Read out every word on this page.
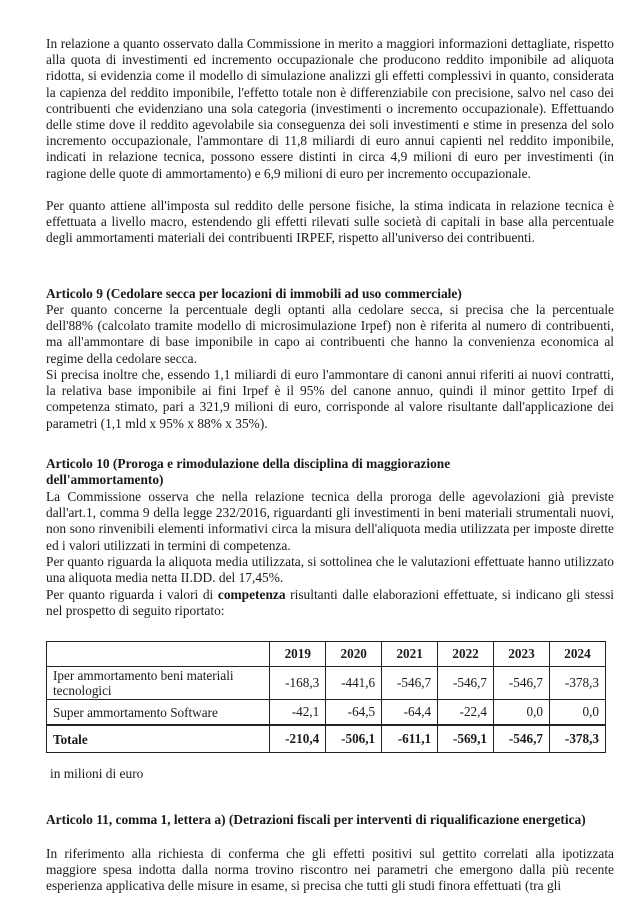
In relazione a quanto osservato dalla Commissione in merito a maggiori informazioni dettagliate, rispetto alla quota di investimenti ed incremento occupazionale che producono reddito imponibile ad aliquota ridotta, si evidenzia come il modello di simulazione analizzi gli effetti complessivi in quanto, considerata la capienza del reddito imponibile, l'effetto totale non è differenziabile con precisione, salvo nel caso dei contribuenti che evidenziano una sola categoria (investimenti o incremento occupazionale). Effettuando delle stime dove il reddito agevolabile sia conseguenza dei soli investimenti e stime in presenza del solo incremento occupazionale, l'ammontare di 11,8 miliardi di euro annui capienti nel reddito imponibile, indicati in relazione tecnica, possono essere distinti in circa 4,9 milioni di euro per investimenti (in ragione delle quote di ammortamento) e 6,9 milioni di euro per incremento occupazionale.

Per quanto attiene all'imposta sul reddito delle persone fisiche, la stima indicata in relazione tecnica è effettuata a livello macro, estendendo gli effetti rilevati sulle società di capitali in base alla percentuale degli ammortamenti materiali dei contribuenti IRPEF, rispetto all'universo dei contribuenti.

Articolo 9 (Cedolare secca per locazioni di immobili ad uso commerciale)

Per quanto concerne la percentuale degli optanti alla cedolare secca, si precisa che la percentuale dell'88% (calcolato tramite modello di microsimulazione Irpef) non è riferita al numero di contribuenti, ma all'ammontare di base imponibile in capo ai contribuenti che hanno la convenienza economica al regime della cedolare secca.

Si precisa inoltre che, essendo 1,1 miliardi di euro l'ammontare di canoni annui riferiti ai nuovi contratti, la relativa base imponibile ai fini Irpef è il 95% del canone annuo, quindi il minor gettito Irpef di competenza stimato, pari a 321,9 milioni di euro, corrisponde al valore risultante dall'applicazione dei parametri (1,1 mld x 95% x 88% x 35%).

Articolo 10 (Proroga e rimodulazione della disciplina di maggiorazione

dell'ammortamento)

La Commissione osserva che nella relazione tecnica della proroga delle agevolazioni già previste dall'art.1, comma 9 della legge 232/2016, riguardanti gli investimenti in beni materiali strumentali nuovi, non sono rinvenibili elementi informativi circa la misura dell'aliquota media utilizzata per imposte dirette ed i valori utilizzati in termini di competenza.

Per quanto riguarda la aliquota media utilizzata, si sottolinea che le valutazioni effettuate hanno utilizzato una aliquota media netta II.DD. del 17,45%.

Per quanto riguarda i valori di competenza risultanti dalle elaborazioni effettuate, si indicano gli stessi nel prospetto di seguito riportato:

	2019	2020	2021	2022	2023	2024
Iper ammortamento beni materiali tecnologici	-168,3	-441,6	-546,7	-546,7	-546,7	-378,3
Super ammortamento Software	-42,1	-64,5	-64,4	-22,4	0,0	0,0
Totale	-210,4	-506,1	-611,1	-569,1	-546,7	-378,3

in milioni di euro

Articolo 11, comma 1, lettera a) (Detrazioni fiscali per interventi di riqualificazione energetica)

In riferimento alla richiesta di conferma che gli effetti positivi sul gettito correlati alla ipotizzata maggiore spesa indotta dalla norma trovino riscontro nei parametri che emergono dalla più recente esperienza applicativa delle misure in esame, si precisa che tutti gli studi finora effettuati (tra gli
